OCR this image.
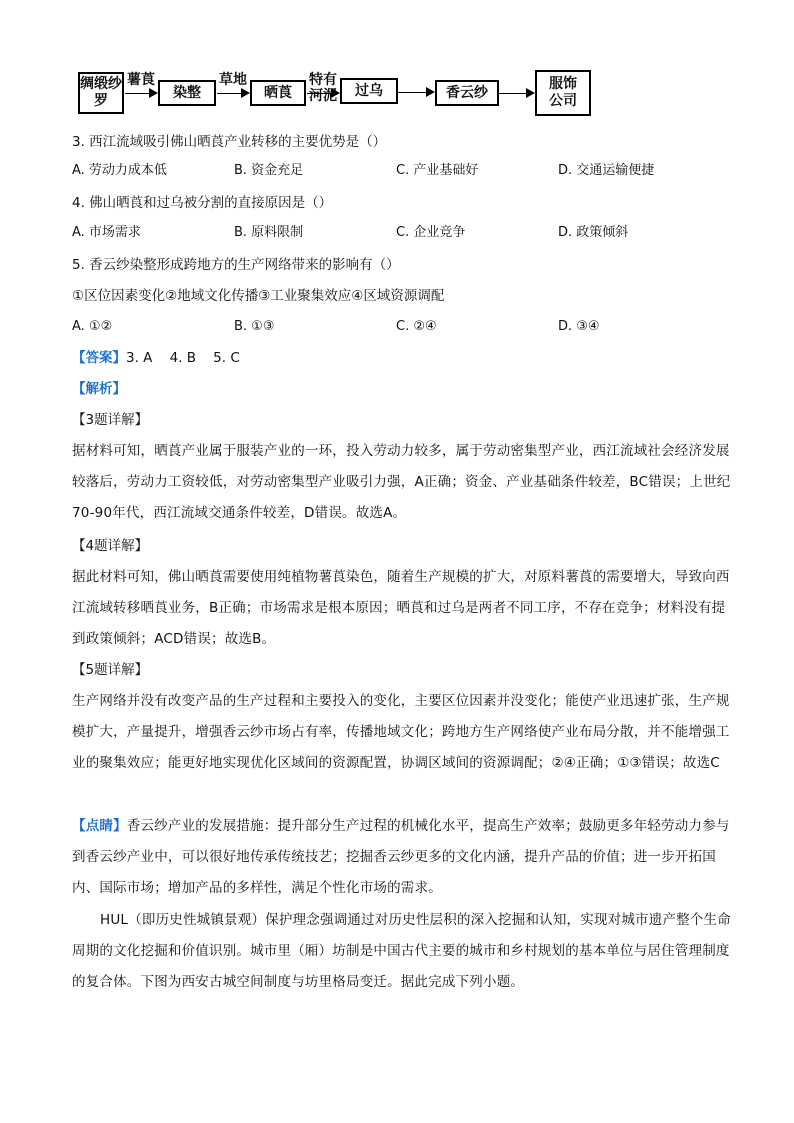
绸缎纱罗
薯莨
染整
草地
晒莨
特有河泥	过乌	香云纱
服饰公司
3. 西江流域吸引佛山晒莨产业转移的主要优势是（）
A. 劳动力成本低	B. 资金充足	C. 产业基础好	D. 交通运输便捷
4. 佛山晒莨和过乌被分割的直接原因是（）
A. 市场需求	B. 原料限制	C. 企业竞争	D. 政策倾斜
5. 香云纱染整形成跨地方的生产网络带来的影响有（）
①区位因素变化②地域文化传播③工业聚集效应④区域资源调配
A. ①②	B. ①③	C. ②④	D. ③④
【答案】3. A    4. B    5. C
【解析】
【3题详解】
据材料可知，晒莨产业属于服装产业的一环，投入劳动力较多，属于劳动密集型产业，西江流域社会经济发展较落后，劳动力工资较低，对劳动密集型产业吸引力强，A正确；资金、产业基础条件较差，BC错误；上世纪 70-90年代，西江流域交通条件较差，D错误。故选A。
【4题详解】
据此材料可知，佛山晒莨需要使用纯植物薯莨染色，随着生产规模的扩大，对原料薯莨的需要增大，导致向西江流域转移晒莨业务，B正确；市场需求是根本原因；晒莨和过乌是两者不同工序，不存在竞争；材料没有提到政策倾斜；ACD错误；故选B。
【5题详解】
生产网络并没有改变产品的生产过程和主要投入的变化，主要区位因素并没变化；能使产业迅速扩张，生产规模扩大，产量提升，增强香云纱市场占有率，传播地域文化；跨地方生产网络使产业布局分散，并不能增强工业的聚集效应；能更好地实现优化区域间的资源配置，协调区域间的资源调配；②④正确；①③错误；故选C
【点睛】香云纱产业的发展措施：提升部分生产过程的机械化水平，提高生产效率；鼓励更多年轻劳动力参与到香云纱产业中，可以很好地传承传统技艺；挖掘香云纱更多的文化内涵，提升产品的价值；进一步开拓国内、国际市场；增加产品的多样性，满足个性化市场的需求。
HUL（即历史性城镇景观）保护理念强调通过对历史性层积的深入挖掘和认知，实现对城市遗产整个生命周期的文化挖掘和价值识别。城市里（厢）坊制是中国古代主要的城市和乡村规划的基本单位与居住管理制度的复合体。下图为西安古城空间制度与坊里格局变迁。据此完成下列小题。
